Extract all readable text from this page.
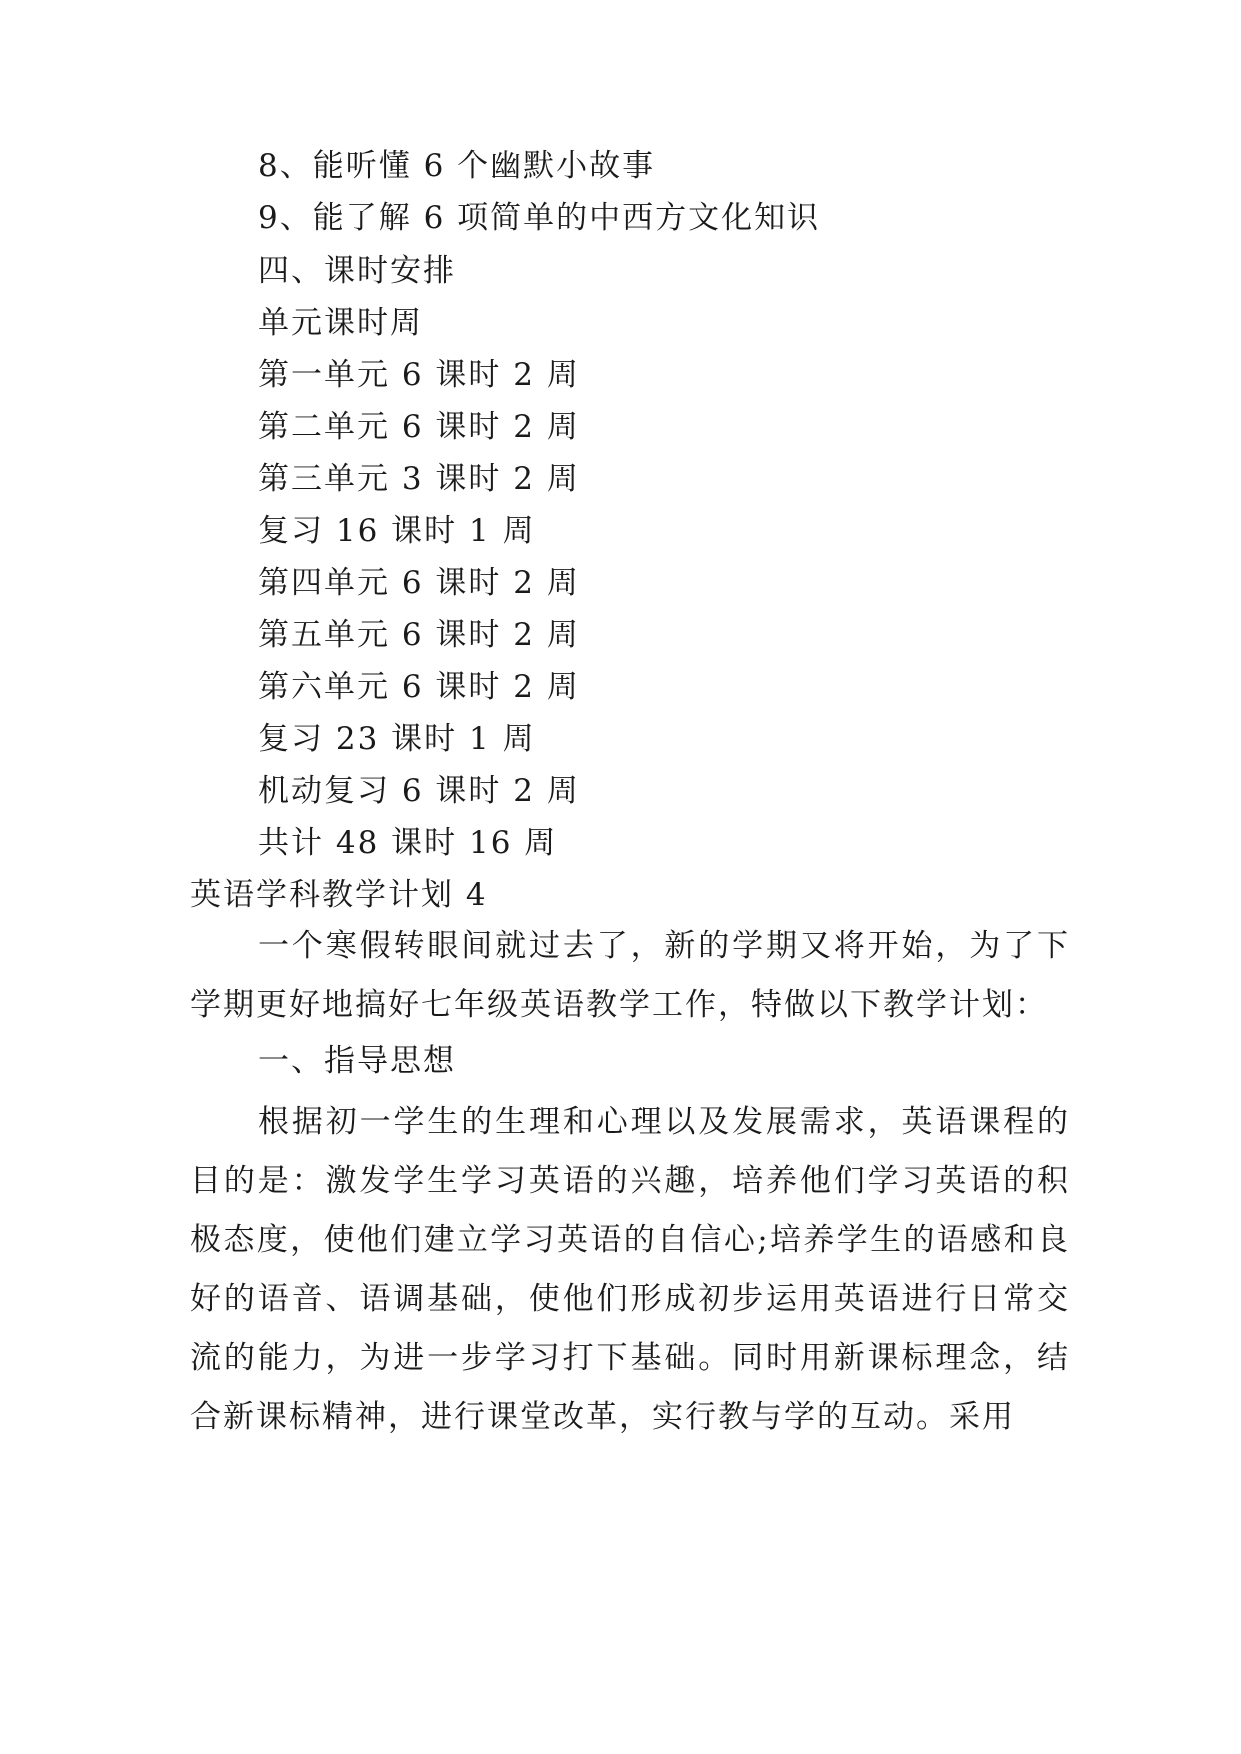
8、能听懂 6 个幽默小故事
9、能了解 6 项简单的中西方文化知识
四、课时安排
单元课时周
第一单元 6 课时 2 周
第二单元 6 课时 2 周
第三单元 3 课时 2 周
复习 16 课时 1 周
第四单元 6 课时 2 周
第五单元 6 课时 2 周
第六单元 6 课时 2 周
复习 23 课时 1 周
机动复习 6 课时 2 周
共计 48 课时 16 周
英语学科教学计划 4
一个寒假转眼间就过去了，新的学期又将开始，为了下学期更好地搞好七年级英语教学工作，特做以下教学计划：
一、指导思想
根据初一学生的生理和心理以及发展需求，英语课程的目的是：激发学生学习英语的兴趣，培养他们学习英语的积极态度，使他们建立学习英语的自信心;培养学生的语感和良好的语音、语调基础，使他们形成初步运用英语进行日常交流的能力，为进一步学习打下基础。同时用新课标理念，结合新课标精神，进行课堂改革，实行教与学的互动。采用
